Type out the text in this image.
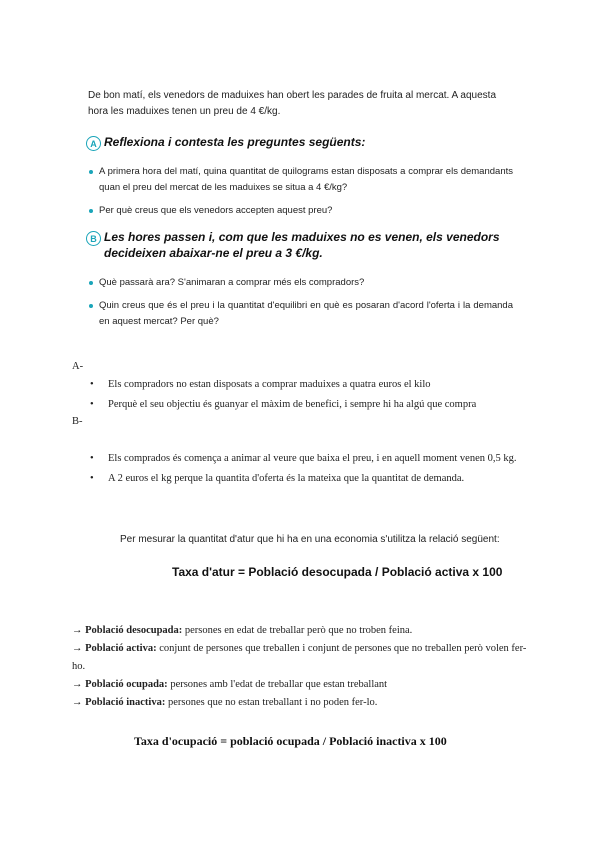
De bon matí, els venedors de maduixes han obert les parades de fruita al mercat. A aquesta hora les maduixes tenen un preu de 4 €/kg.
A Reflexiona i contesta les preguntes següents:
A primera hora del matí, quina quantitat de quilograms estan disposats a comprar els demandants quan el preu del mercat de les maduixes se situa a 4 €/kg?
Per què creus que els venedors accepten aquest preu?
B Les hores passen i, com que les maduixes no es venen, els venedors decideixen abaixar-ne el preu a 3 €/kg.
Què passarà ara? S'animaran a comprar més els compradors?
Quin creus que és el preu i la quantitat d'equilibri en què es posaran d'acord l'oferta i la demanda en aquest mercat? Per què?
A-
• Els compradors no estan disposats a comprar maduixes a quatra euros el kilo
• Perquè el seu objectiu és guanyar el màxim de benefici, i sempre hi ha algú que compra
B-
• Els comprados és comença a animar al veure que baixa el preu, i en aquell moment venen 0,5 kg.
• A 2 euros el kg perque la quantita d'oferta és la mateixa que la quantitat de demanda.
Per mesurar la quantitat d'atur que hi ha en una economia s'utilitza la relació següent:
Taxa d'atur = Població desocupada / Població activa x 100
→ Població desocupada: persones en edat de treballar però que no troben feina.
→ Població activa: conjunt de persones que treballen i conjunt de persones que no treballen però volen fer-ho.
→ Població ocupada: persones amb l'edat de treballar que estan treballant
→ Població inactiva: persones que no estan treballant i no poden fer-lo.
Taxa d'ocupació = població ocupada / Població inactiva x 100
